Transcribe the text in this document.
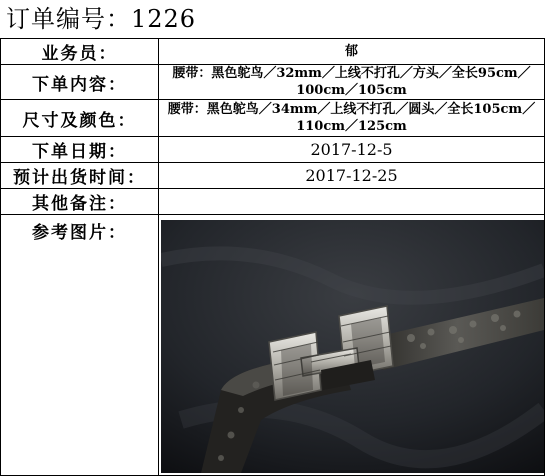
订单编号：1226
业务员：	郁
下单内容：	腰带：黑色鸵鸟／32mm／上线不打孔／方头／全长95cm／100cm／105cm
尺寸及颜色：	腰带：黑色鸵鸟／34mm／上线不打孔／圆头／全长105cm／110cm／125cm
下单日期：	2017-12-5
预计出货时间：	2017-12-25
其他备注：	
参考图片：	
